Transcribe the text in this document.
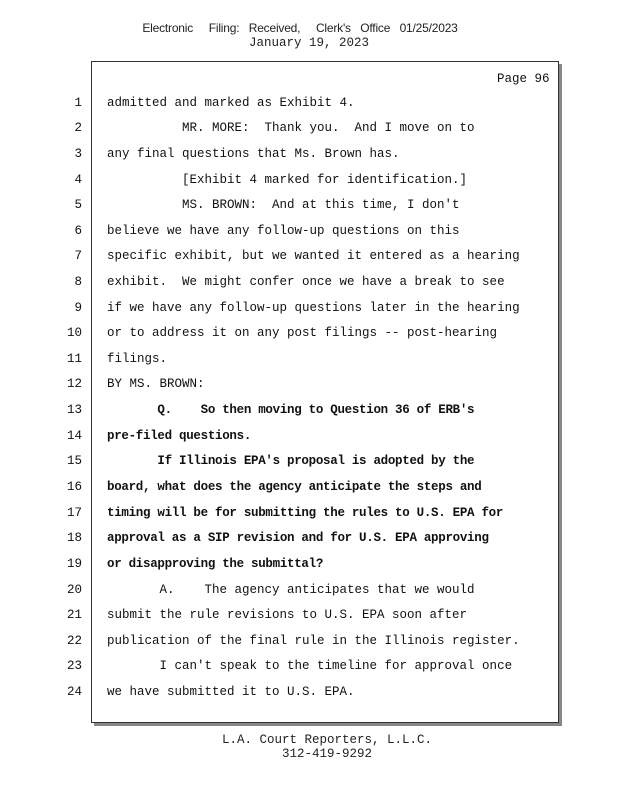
Electronic     Filing:   Received,     Clerk's   Office   01/25/2023
January 19, 2023
Page 96
1 admitted and marked as Exhibit 4.
2 MR. MORE:  Thank you.  And I move on to
3 any final questions that Ms. Brown has.
4 [Exhibit 4 marked for identification.]
5 MS. BROWN:  And at this time, I don't
6 believe we have any follow-up questions on this
7 specific exhibit, but we wanted it entered as a hearing
8 exhibit.  We might confer once we have a break to see
9 if we have any follow-up questions later in the hearing
10 or to address it on any post filings -- post-hearing
11 filings.
12 BY MS. BROWN:
13 Q.    So then moving to Question 36 of ERB's
14 pre-filed questions.
15 If Illinois EPA's proposal is adopted by the
16 board, what does the agency anticipate the steps and
17 timing will be for submitting the rules to U.S. EPA for
18 approval as a SIP revision and for U.S. EPA approving
19 or disapproving the submittal?
20 A.    The agency anticipates that we would
21 submit the rule revisions to U.S. EPA soon after
22 publication of the final rule in the Illinois register.
23 I can't speak to the timeline for approval once
24 we have submitted it to U.S. EPA.
L.A. Court Reporters, L.L.C.
312-419-9292
